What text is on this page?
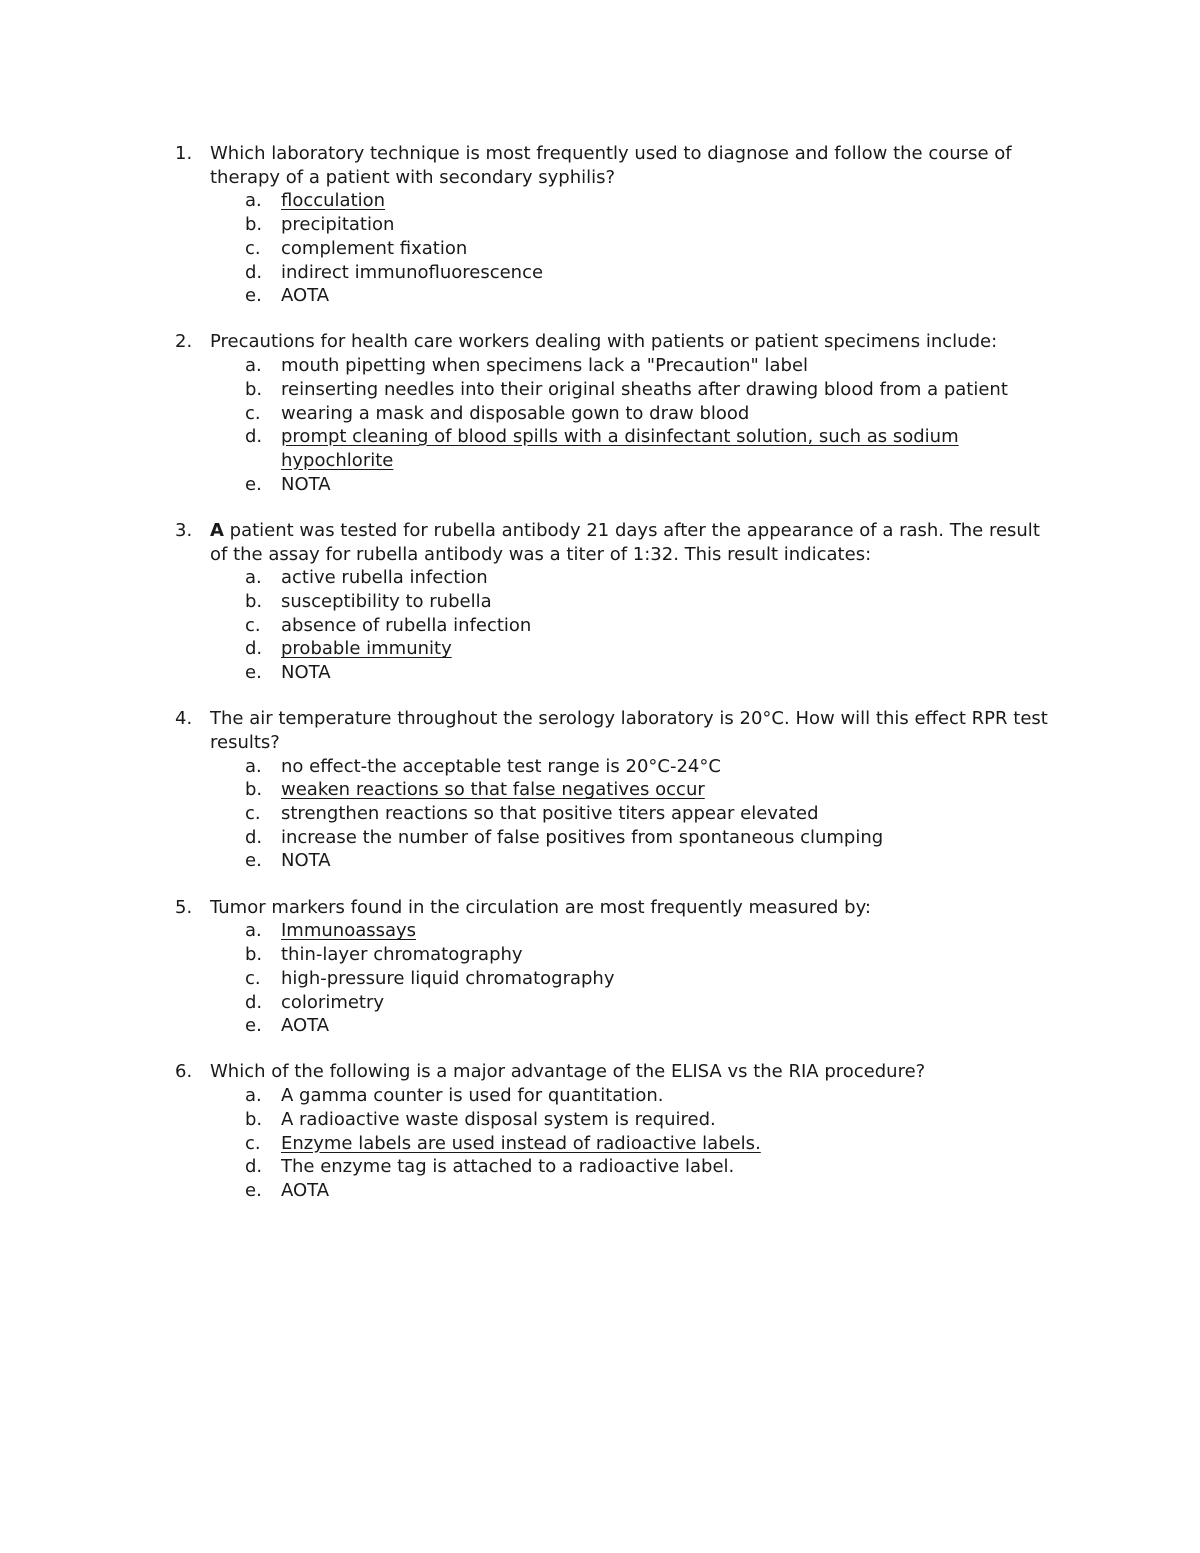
1. Which laboratory technique is most frequently used to diagnose and follow the course of therapy of a patient with secondary syphilis?
a. flocculation
b. precipitation
c. complement fixation
d. indirect immunofluorescence
e. AOTA
2. Precautions for health care workers dealing with patients or patient specimens include:
a. mouth pipetting when specimens lack a "Precaution" label
b. reinserting needles into their original sheaths after drawing blood from a patient
c. wearing a mask and disposable gown to draw blood
d. prompt cleaning of blood spills with a disinfectant solution, such as sodium hypochlorite
e. NOTA
3. A patient was tested for rubella antibody 21 days after the appearance of a rash. The result of the assay for rubella antibody was a titer of 1:32. This result indicates:
a. active rubella infection
b. susceptibility to rubella
c. absence of rubella infection
d. probable immunity
e. NOTA
4. The air temperature throughout the serology laboratory is 20°C. How will this effect RPR test results?
a. no effect-the acceptable test range is 20°C-24°C
b. weaken reactions so that false negatives occur
c. strengthen reactions so that positive titers appear elevated
d. increase the number of false positives from spontaneous clumping
e. NOTA
5. Tumor markers found in the circulation are most frequently measured by:
a. Immunoassays
b. thin-layer chromatography
c. high-pressure liquid chromatography
d. colorimetry
e. AOTA
6. Which of the following is a major advantage of the ELISA vs the RIA procedure?
a. A gamma counter is used for quantitation.
b. A radioactive waste disposal system is required.
c. Enzyme labels are used instead of radioactive labels.
d. The enzyme tag is attached to a radioactive label.
e. AOTA
